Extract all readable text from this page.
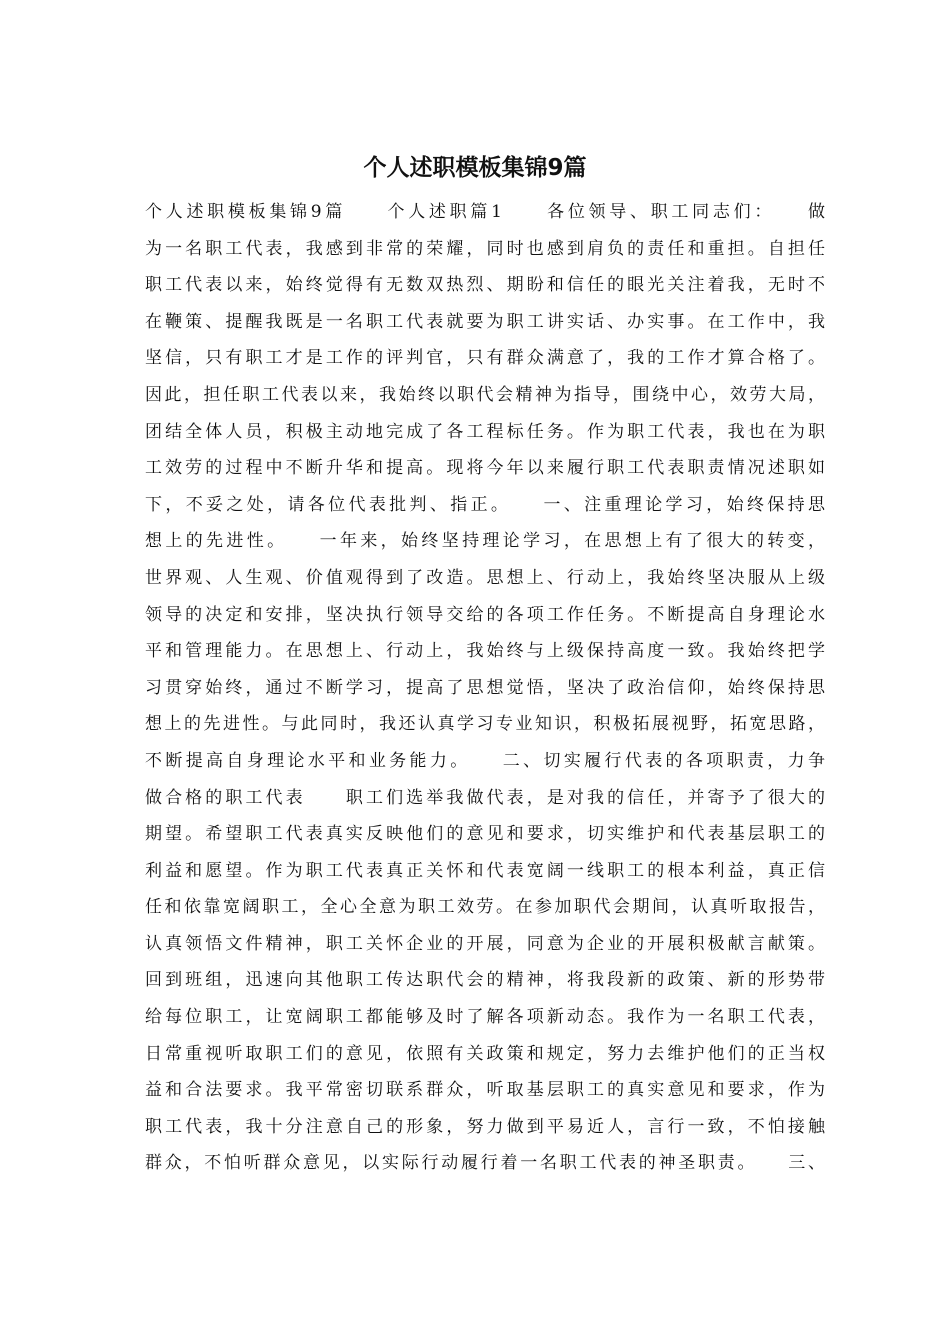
个人述职模板集锦9篇
个人述职模板集锦9篇　　个人述职篇1　　各位领导、职工同志们：　　做
为一名职工代表，我感到非常的荣耀，同时也感到肩负的责任和重担。自担任
职工代表以来，始终觉得有无数双热烈、期盼和信任的眼光关注着我，无时不
在鞭策、提醒我既是一名职工代表就要为职工讲实话、办实事。在工作中，我
坚信，只有职工才是工作的评判官，只有群众满意了，我的工作才算合格了。
因此，担任职工代表以来，我始终以职代会精神为指导，围绕中心，效劳大局，
团结全体人员，积极主动地完成了各工程标任务。作为职工代表，我也在为职
工效劳的过程中不断升华和提高。现将今年以来履行职工代表职责情况述职如
下，不妥之处，请各位代表批判、指正。　　一、注重理论学习，始终保持思
想上的先进性。　　一年来，始终坚持理论学习，在思想上有了很大的转变，
世界观、人生观、价值观得到了改造。思想上、行动上，我始终坚决服从上级
领导的决定和安排，坚决执行领导交给的各项工作任务。不断提高自身理论水
平和管理能力。在思想上、行动上，我始终与上级保持高度一致。我始终把学
习贯穿始终，通过不断学习，提高了思想觉悟，坚决了政治信仰，始终保持思
想上的先进性。与此同时，我还认真学习专业知识，积极拓展视野，拓宽思路，
不断提高自身理论水平和业务能力。　　二、切实履行代表的各项职责，力争
做合格的职工代表　　职工们选举我做代表，是对我的信任，并寄予了很大的
期望。希望职工代表真实反映他们的意见和要求，切实维护和代表基层职工的
利益和愿望。作为职工代表真正关怀和代表宽阔一线职工的根本利益，真正信
任和依靠宽阔职工，全心全意为职工效劳。在参加职代会期间，认真听取报告，
认真领悟文件精神，职工关怀企业的开展，同意为企业的开展积极献言献策。
回到班组，迅速向其他职工传达职代会的精神，将我段新的政策、新的形势带
给每位职工，让宽阔职工都能够及时了解各项新动态。我作为一名职工代表，
日常重视听取职工们的意见，依照有关政策和规定，努力去维护他们的正当权
益和合法要求。我平常密切联系群众，听取基层职工的真实意见和要求，作为
职工代表，我十分注意自己的形象，努力做到平易近人，言行一致，不怕接触
群众，不怕听群众意见，以实际行动履行着一名职工代表的神圣职责。　　三、
